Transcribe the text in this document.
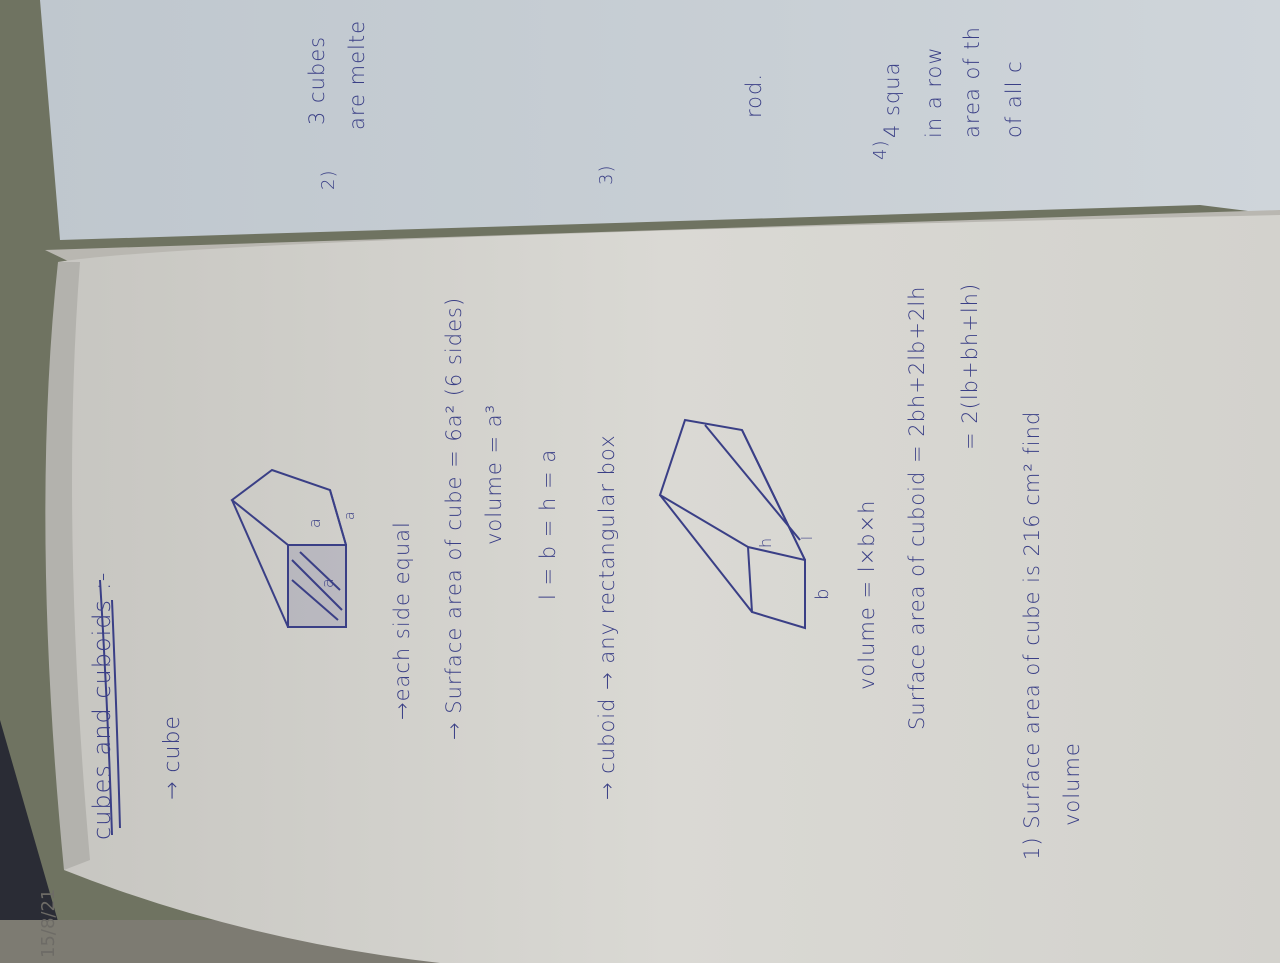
cubes and cuboids :- → cube
a
a
a
→each side equal → Surface area of cube = 6a² (6 sides) volume = a³ l = b = h = a → cuboid → any rectangular box	h l
b volume = l×b×h Surface area of cuboid = 2bh+2lb+2lh = 2(lb+bh+lh)
1) Surface area of cube is 216 cm² find volume
2)
3 cubes are melte
3)
rod.
4)
4 squa in a row area of th of all c
15/8/21
